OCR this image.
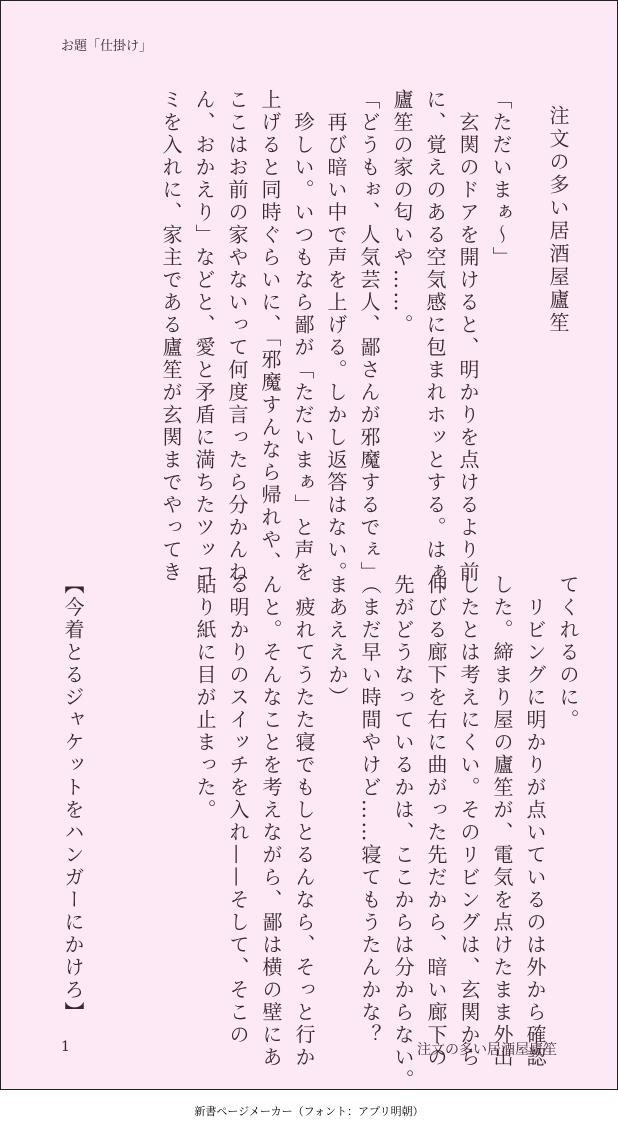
お題「仕掛け」
注文の多い居酒屋廬笙
「ただいまぁ〜」
　玄関のドアを開けると、明かりを点けるより前
に、覚えのある空気感に包まれホッとする。はぁ、
廬笙の家の匂いや……。
「どうもぉ、人気芸人、鄙さんが邪魔するでぇ」
　再び暗い中で声を上げる。しかし返答はない。
　珍しい。いつもなら鄙が「ただいまぁ」と声を
上げると同時ぐらいに、「邪魔すんなら帰れや、
ここはお前の家やないって何度言ったら分かんね
ん、おかえり」などと、愛と矛盾に満ちたツッコ
ミを入れに、家主である廬笙が玄関までやってき
てくれるのに。
　リビングに明かりが点いているのは外から確認
した。締まり屋の廬笙が、電気を点けたまま外出
したとは考えにくい。そのリビングは、玄関から
伸びる廊下を右に曲がった先だから、暗い廊下の
先がどうなっているかは、ここからは分からない。
（まだ早い時間やけど……寝てもうたんかな？
まあええか）
　疲れてうたた寝でもしとるんなら、そっと行か
んと。そんなことを考えながら、鄙は横の壁にあ
る明かりのスイッチを入れ——そして、そこの
貼り紙に目が止まった。

【今着とるジャケットをハンガーにかけろ】
1	注文の多い居酒屋廬笙
新書ページメーカー（フォント：アプリ明朝）
